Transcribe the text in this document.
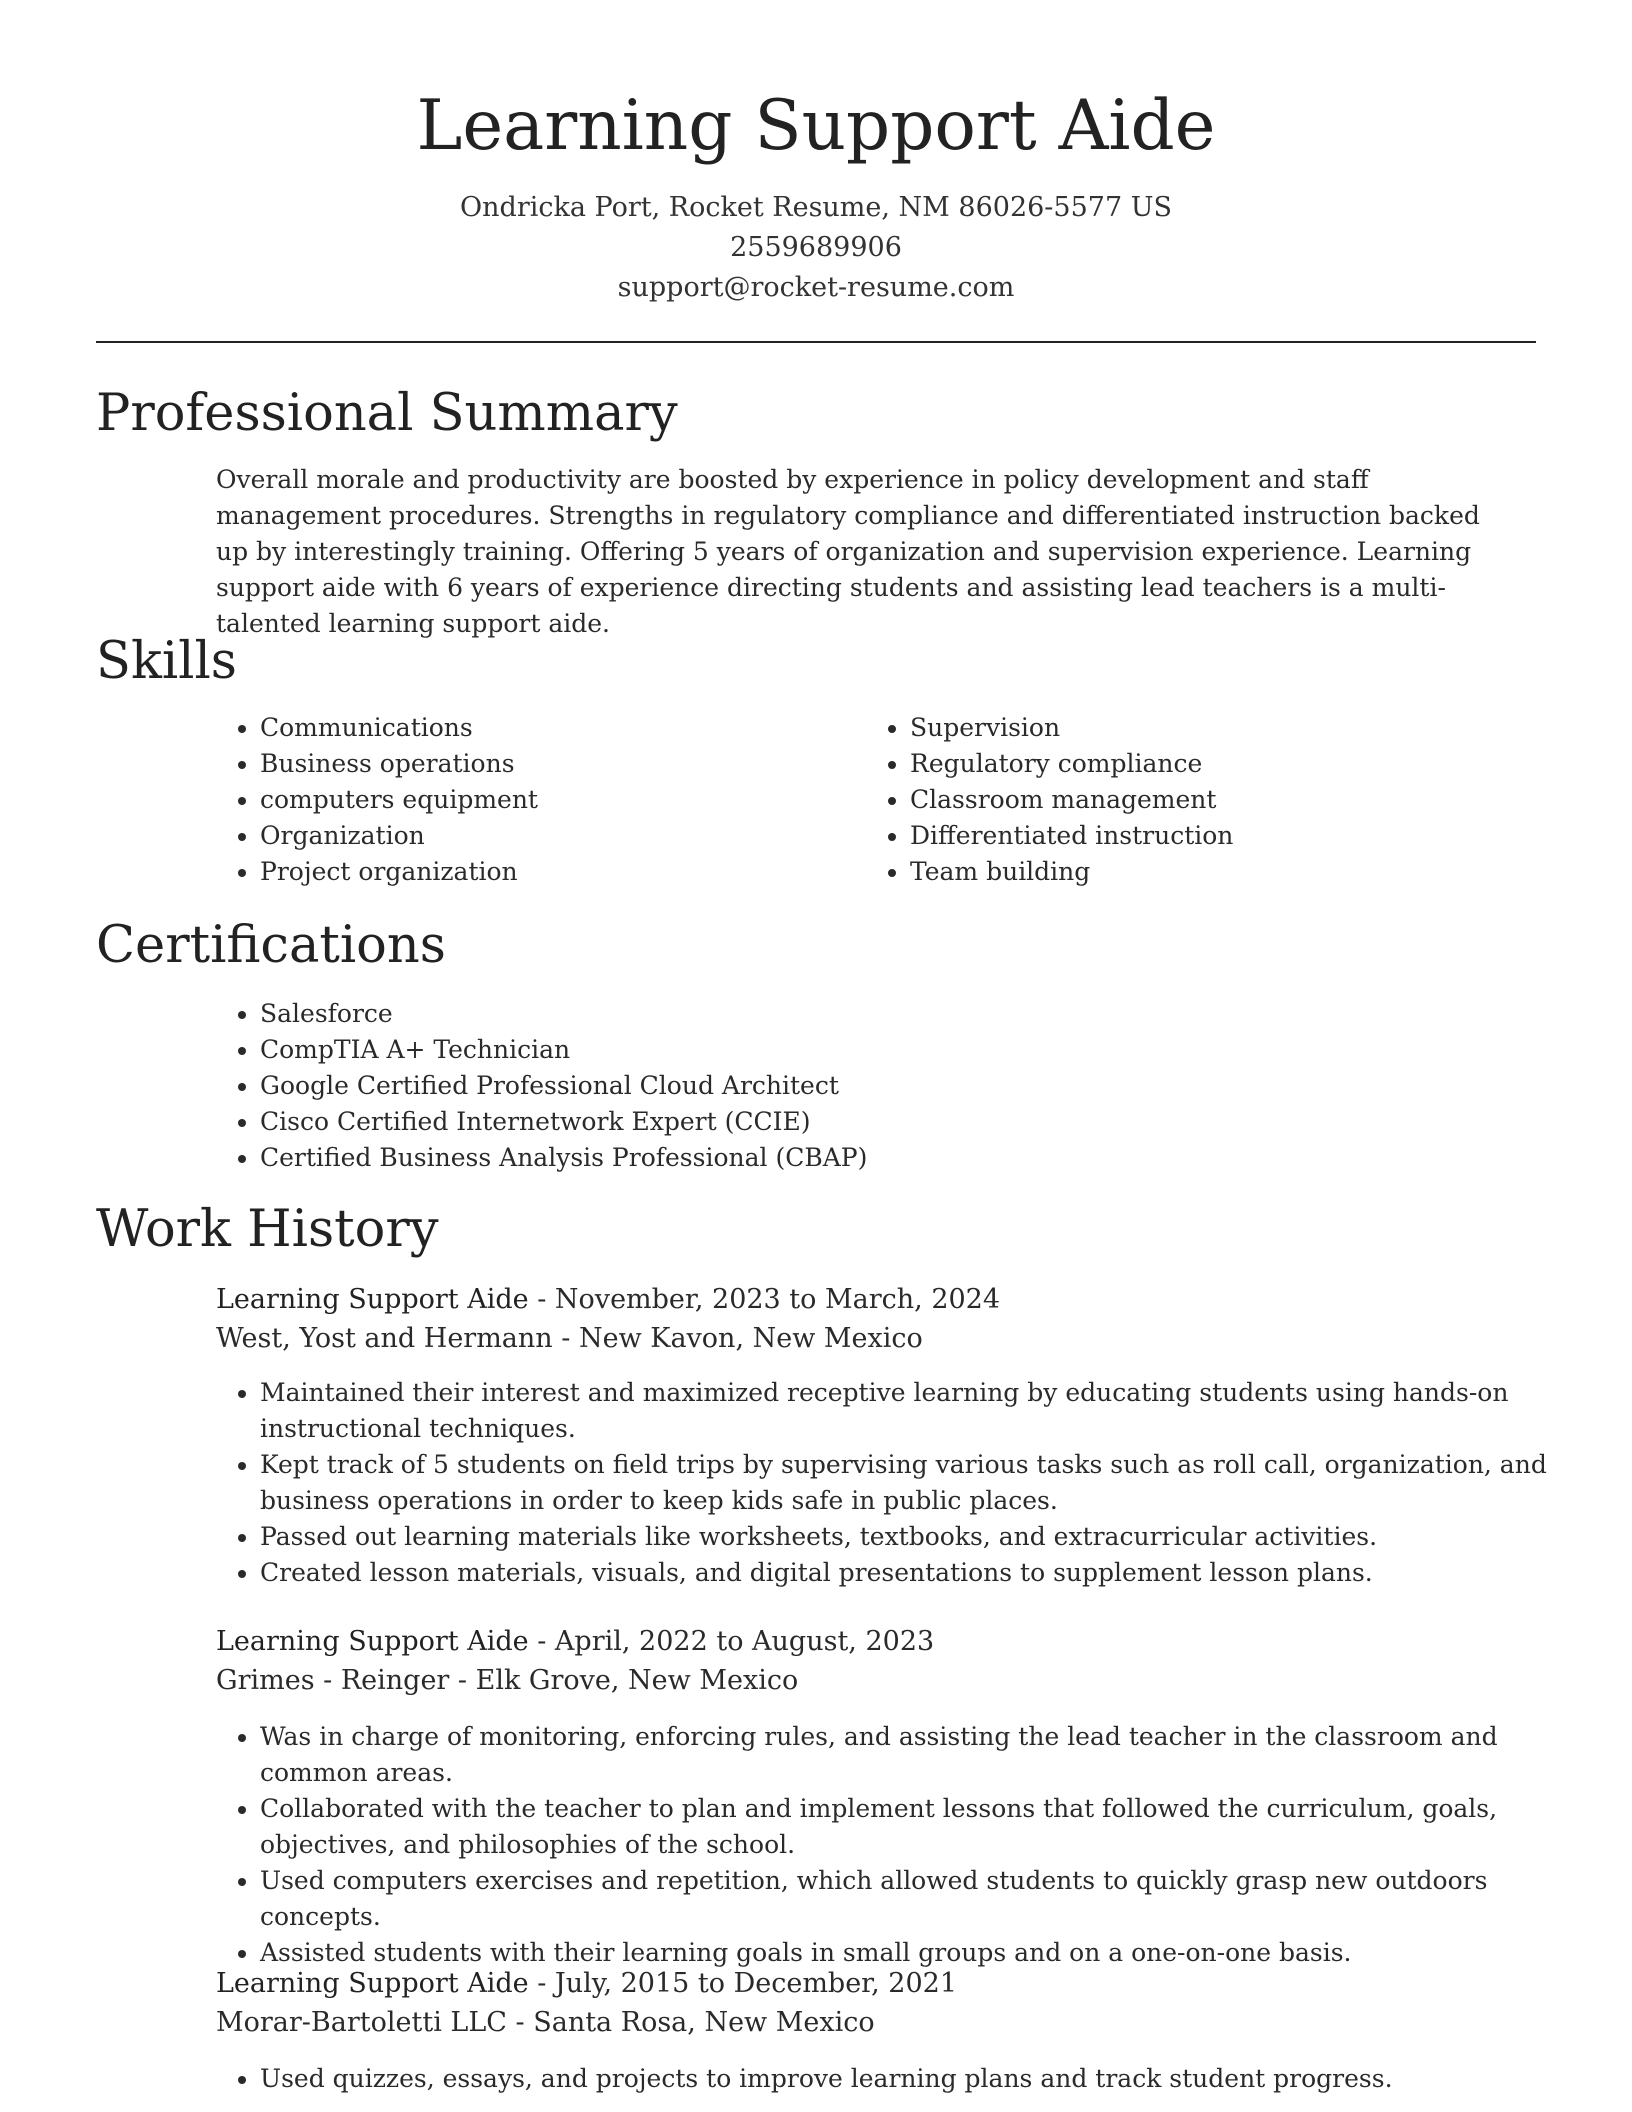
Learning Support Aide
Ondricka Port, Rocket Resume, NM 86026-5577 US
2559689906
support@rocket-resume.com
Professional Summary
Overall morale and productivity are boosted by experience in policy development and staff management procedures. Strengths in regulatory compliance and differentiated instruction backed up by interestingly training. Offering 5 years of organization and supervision experience. Learning support aide with 6 years of experience directing students and assisting lead teachers is a multi-talented learning support aide.
Skills
• Communications
• Business operations
• computers equipment
• Organization
• Project organization
• Supervision
• Regulatory compliance
• Classroom management
• Differentiated instruction
• Team building
Certifications
• Salesforce
• CompTIA A+ Technician
• Google Certified Professional Cloud Architect
• Cisco Certified Internetwork Expert (CCIE)
• Certified Business Analysis Professional (CBAP)
Work History
Learning Support Aide - November, 2023 to March, 2024
West, Yost and Hermann - New Kavon, New Mexico
• Maintained their interest and maximized receptive learning by educating students using hands-on instructional techniques.
• Kept track of 5 students on field trips by supervising various tasks such as roll call, organization, and business operations in order to keep kids safe in public places.
• Passed out learning materials like worksheets, textbooks, and extracurricular activities.
• Created lesson materials, visuals, and digital presentations to supplement lesson plans.
Learning Support Aide - April, 2022 to August, 2023
Grimes - Reinger - Elk Grove, New Mexico
• Was in charge of monitoring, enforcing rules, and assisting the lead teacher in the classroom and common areas.
• Collaborated with the teacher to plan and implement lessons that followed the curriculum, goals, objectives, and philosophies of the school.
• Used computers exercises and repetition, which allowed students to quickly grasp new outdoors concepts.
• Assisted students with their learning goals in small groups and on a one-on-one basis.
Learning Support Aide - July, 2015 to December, 2021
Morar-Bartoletti LLC - Santa Rosa, New Mexico
• Used quizzes, essays, and projects to improve learning plans and track student progress.
